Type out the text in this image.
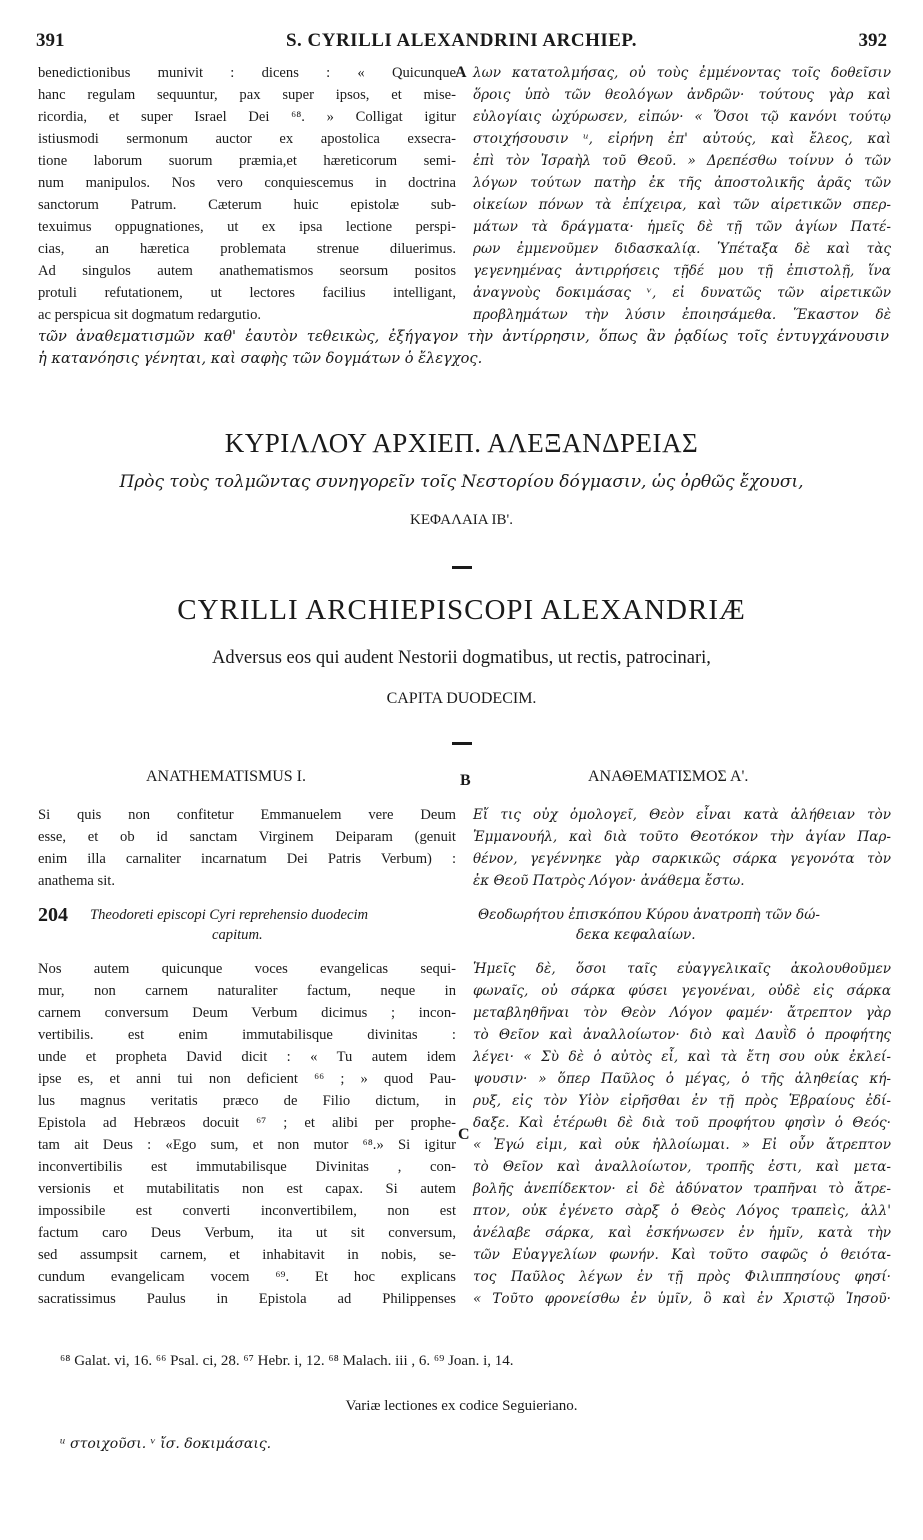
391	S. CYRILLI ALEXANDRINI ARCHIEP.	392
benedictionibus munivit : dicens : « Quicunque
hanc regulam sequuntur, pax super ipsos, et mise-
ricordia, et super Israel Dei ⁶⁸. » Colligat igitur
istiusmodi sermonum auctor ex apostolica exsecra-
tione laborum suorum præmia,et hæreticorum semi-
num manipulos. Nos vero conquiescemus in doctrina
sanctorum Patrum. Cæterum huic epistolæ sub-
texuimus oppugnationes, ut ex ipsa lectione perspi-
cias, an hæretica problemata strenue diluerimus.
Ad singulos autem anathematismos seorsum positos
protuli refutationem, ut lectores facilius intelligant,
ac perspicua sit dogmatum redargutio.
A λων κατατολμήσας, οὐ τοὺς ἐμμένοντας τοῖς δοθεῖσιν
ὅροις ὑπὸ τῶν θεολόγων ἀνδρῶν· τούτους γὰρ καὶ
εὐλογίαις ὠχύρωσεν, εἰπών· « Ὅσοι τῷ κανόνι τούτῳ
στοιχήσουσιν ᵘ, εἰρήνη ἐπ' αὐτούς, καὶ ἔλεος, καὶ
ἐπὶ τὸν Ἰσραὴλ τοῦ Θεοῦ. » Δρεπέσθω τοίνυν ὁ τῶν
λόγων τούτων πατὴρ ἐκ τῆς ἀποστολικῆς ἀρᾶς τῶν
οἰκείων πόνων τὰ ἐπίχειρα, καὶ τῶν αἱρετικῶν σπερ-
μάτων τὰ δράγματα· ἡμεῖς δὲ τῇ τῶν ἁγίων Πατέ-
ρων ἐμμενοῦμεν διδασκαλίᾳ. Ὑπέταξα δὲ καὶ τὰς
γεγενημένας ἀντιρρήσεις τῇδέ μου τῇ ἐπιστολῇ, ἵνα
ἀναγνοὺς δοκιμάσας ᵛ, εἰ δυνατῶς τῶν αἱρετικῶν
προβλημάτων τὴν λύσιν ἐποιησάμεθα. Ἕκαστον δὲ
τῶν ἀναθεματισμῶν καθ' ἑαυτὸν τεθεικὼς, ἐξήγαγον τὴν ἀντίρρησιν, ὅπως ἂν ῥᾳδίως τοῖς ἐντυγχάνουσιν
ἡ κατανόησις γένηται, καὶ σαφὴς τῶν δογμάτων ὁ ἔλεγχος.
ΚΥΡΙΛΛΟΥ ΑΡΧΙΕΠ. ΑΛΕΞΑΝΔΡΕΙΑΣ
Πρὸς τοὺς τολμῶντας συνηγορεῖν τοῖς Νεστορίου δόγμασιν, ὡς ὀρθῶς ἔχουσι,
ΚΕΦΑΛΑΙΑ ΙΒ'.
CYRILLI ARCHIEPISCOPI ALEXANDRIÆ
Adversus eos qui audent Nestorii dogmatibus, ut rectis, patrocinari,
CAPITA DUODECIM.
ANATHEMATISMUS I.	B	ΑΝΑΘΕΜΑΤΙΣΜΟΣ Α'.
Si quis non confitetur Emmanuelem vere Deum
esse, et ob id sanctam Virginem Deiparam (genuit
enim illa carnaliter incarnatum Dei Patris Verbum) :
anathema sit.
Εἴ τις οὐχ ὁμολογεῖ, Θεὸν εἶναι κατὰ ἀλήθειαν τὸν
Ἐμμανουήλ, καὶ διὰ τοῦτο Θεοτόκον τὴν ἁγίαν Παρ-
θένον, γεγέννηκε γὰρ σαρκικῶς σάρκα γεγονότα τὸν
ἐκ Θεοῦ Πατρὸς Λόγον· ἀνάθεμα ἔστω.
204 Theodoreti episcopi Cyri reprehensio duodecim
capitum.
Θεοδωρήτου ἐπισκόπου Κύρου ἀνατροπὴ τῶν δώ-
δεκα κεφαλαίων.
Nos autem quicunque voces evangelicas sequi-
mur, non carnem naturaliter factum, neque in
carnem conversum Deum Verbum dicimus ; incon-
vertibilis. est enim immutabilisque divinitas :
unde et propheta David dicit : « Tu autem idem
ipse es, et anni tui non deficient ⁶⁶ ; » quod Pau-
lus magnus veritatis præco de Filio dictum, in
Epistola ad Hebræos docuit ⁶⁷ ; et alibi per prophe-
tam ait Deus : «Ego sum, et non mutor ⁶⁸.» Si igitur
inconvertibilis est immutabilisque Divinitas , con-
versionis et mutabilitatis non est capax. Si autem
impossibile est converti inconvertibilem, non est
factum caro Deus Verbum, ita ut sit conversum,
sed assumpsit carnem, et inhabitavit in nobis, se-
cundum evangelicam vocem ⁶⁹. Et hoc explicans
sacratissimus Paulus in Epistola ad Philippenses
C
Ἡμεῖς δὲ, ὅσοι ταῖς εὐαγγελικαῖς ἀκολουθοῦμεν
φωναῖς, οὐ σάρκα φύσει γεγονέναι, οὐδὲ εἰς σάρκα
μεταβληθῆναι τὸν Θεὸν Λόγον φαμέν· ἄτρεπτον γὰρ
τὸ Θεῖον καὶ ἀναλλοίωτον· διὸ καὶ Δαυῒδ ὁ προφήτης
λέγει· « Σὺ δὲ ὁ αὐτὸς εἶ, καὶ τὰ ἔτη σου οὐκ ἐκλεί-
ψουσιν· » ὅπερ Παῦλος ὁ μέγας, ὁ τῆς ἀληθείας κή-
ρυξ, εἰς τὸν Υἱὸν εἰρῆσθαι ἐν τῇ πρὸς Ἑβραίους ἐδί-
δαξε. Καὶ ἑτέρωθι δὲ διὰ τοῦ προφήτου φησὶν ὁ Θεός·
« Ἐγώ εἰμι, καὶ οὐκ ἠλλοίωμαι. » Εἰ οὖν ἄτρεπτον
τὸ Θεῖον καὶ ἀναλλοίωτον, τροπῆς ἐστι, καὶ μετα-
βολῆς ἀνεπίδεκτον· εἰ δὲ ἀδύνατον τραπῆναι τὸ ἄτρε-
πτον, οὐκ ἐγένετο σὰρξ ὁ Θεὸς Λόγος τραπεὶς, ἀλλ'
ἀνέλαβε σάρκα, καὶ ἐσκήνωσεν ἐν ἡμῖν, κατὰ τὴν
τῶν Εὐαγγελίων φωνήν. Καὶ τοῦτο σαφῶς ὁ θειότα-
τος Παῦλος λέγων ἐν τῇ πρὸς Φιλιππησίους φησί·
« Τοῦτο φρονείσθω ἐν ὑμῖν, ὃ καὶ ἐν Χριστῷ Ἰησοῦ·
⁶⁸ Galat. vi, 16. ⁶⁶ Psal. ci, 28. ⁶⁷ Hebr. i, 12. ⁶⁸ Malach. iii , 6. ⁶⁹ Joan. i, 14.
Variæ lectiones ex codice Seguieriano.
ᵘ στοιχοῦσι. ᵛ ἴσ. δοκιμάσαις.
